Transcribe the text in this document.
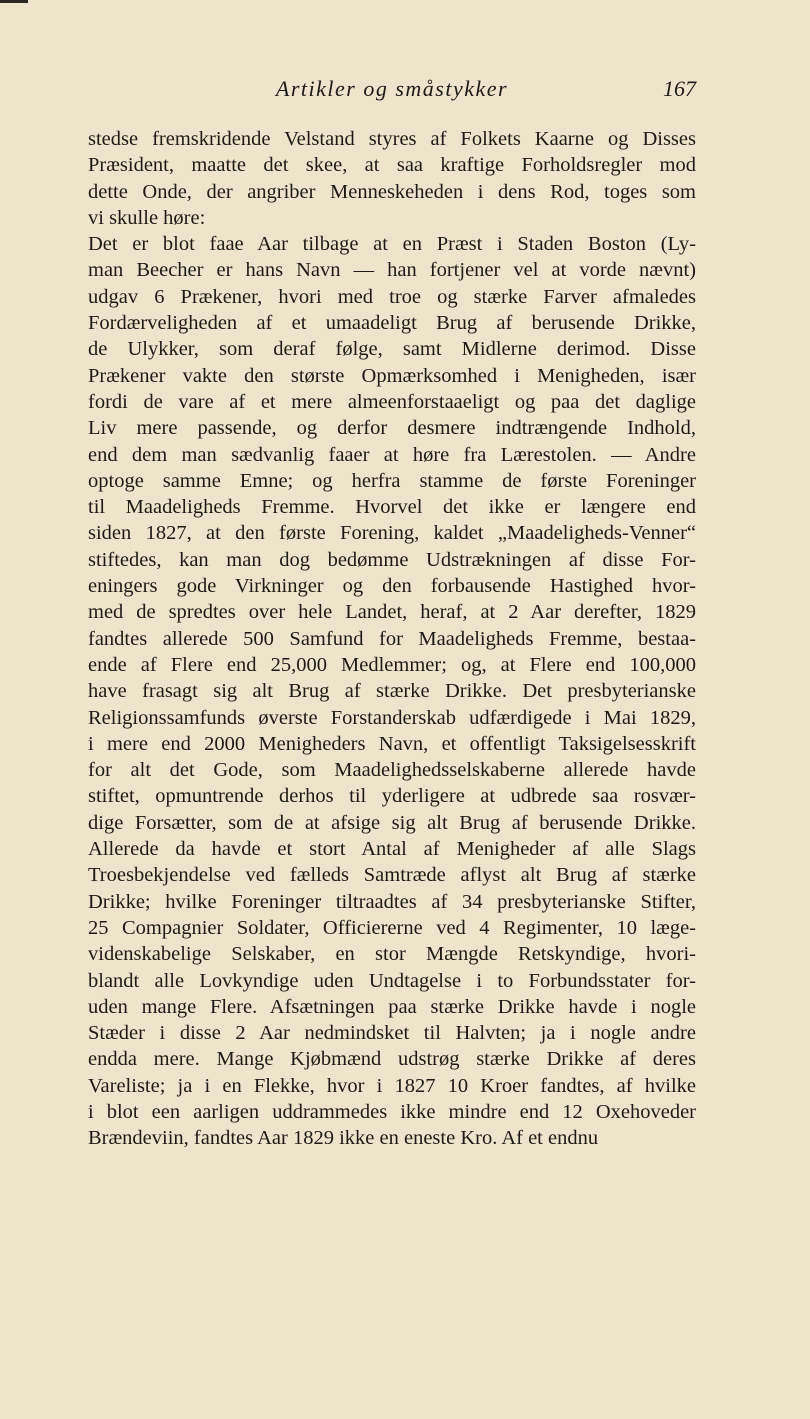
Artikler og småstykker	167
stedse fremskridende Velstand styres af Folkets Kaarne og Disses
Præsident, maatte det skee, at saa kraftige Forholdsregler mod
dette Onde, der angriber Menneskeheden i dens Rod, toges som
vi skulle høre:
Det er blot faae Aar tilbage at en Præst i Staden Boston (Ly-
man Beecher er hans Navn — han fortjener vel at vorde nævnt)
udgav 6 Prækener, hvori med troe og stærke Farver afmaledes
Fordærveligheden af et umaadeligt Brug af berusende Drikke,
de Ulykker, som deraf følge, samt Midlerne derimod. Disse
Prækener vakte den største Opmærksomhed i Menigheden, især
fordi de vare af et mere almeenforstaaeligt og paa det daglige
Liv mere passende, og derfor desmere indtrængende Indhold,
end dem man sædvanlig faaer at høre fra Lærestolen. — Andre
optoge samme Emne; og herfra stamme de første Foreninger
til Maadeligheds Fremme. Hvorvel det ikke er længere end
siden 1827, at den første Forening, kaldet „Maadeligheds-Venner“
stiftedes, kan man dog bedømme Udstrækningen af disse For-
eningers gode Virkninger og den forbausende Hastighed hvor-
med de spredtes over hele Landet, heraf, at 2 Aar derefter, 1829
fandtes allerede 500 Samfund for Maadeligheds Fremme, bestaa-
ende af Flere end 25,000 Medlemmer; og, at Flere end 100,000
have frasagt sig alt Brug af stærke Drikke. Det presbyterianske
Religionssamfunds øverste Forstanderskab udfærdigede i Mai 1829,
i mere end 2000 Menigheders Navn, et offentligt Taksigelsesskrift
for alt det Gode, som Maadelighedsselskaberne allerede havde
stiftet, opmuntrende derhos til yderligere at udbrede saa rosvær-
dige Forsætter, som de at afsige sig alt Brug af berusende Drikke.
Allerede da havde et stort Antal af Menigheder af alle Slags
Troesbekjendelse ved fælleds Samtræde aflyst alt Brug af stærke
Drikke; hvilke Foreninger tiltraadtes af 34 presbyterianske Stifter,
25 Compagnier Soldater, Officiererne ved 4 Regimenter, 10 læge-
videnskabelige Selskaber, en stor Mængde Retskyndige, hvori-
blandt alle Lovkyndige uden Undtagelse i to Forbundsstater for-
uden mange Flere. Afsætningen paa stærke Drikke havde i nogle
Stæder i disse 2 Aar nedmindsket til Halvten; ja i nogle andre
endda mere. Mange Kjøbmænd udstrøg stærke Drikke af deres
Vareliste; ja i en Flekke, hvor i 1827 10 Kroer fandtes, af hvilke
i blot een aarligen uddrammedes ikke mindre end 12 Oxehoveder
Brændeviin, fandtes Aar 1829 ikke en eneste Kro. Af et endnu
